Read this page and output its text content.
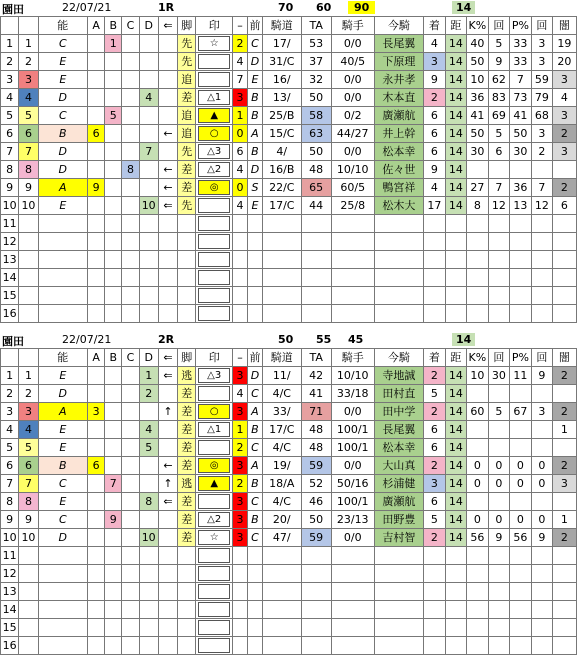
園田	22/07/21	1R	70 60	90	14
		能	A	B	C	D	⇐	脚	印	–	前	騎道	TA	騎手	今騎	着	距	K%	回	P%	回	闇
1	1	C		1				先	☆	2	C	17/	53	0/0	長尾翼	4	14	40	5	33	3	19
2	2	E						先		4	D	31/C	37	40/5	下原理	3	14	50	9	33	3	20
3	3	E						追		7	E	16/	32	0/0	永井孝	9	14	10	62	7	59	3
4	4	D				4		差	△1	3	B	13/	50	0/0	木本直	2	14	36	83	73	79	4
5	5	C		5				追	▲	1	B	25/B	58	0/2	廣瀬航	6	14	41	69	41	68	3
6	6	B	6				←	追	○	0	A	15/C	63	44/27	井上幹	6	14	50	5	50	3	2
7	7	D				7		先	△3	6	B	4/	50	0/0	松本幸	6	14	30	6	30	2	3
8	8	D			8		←	差	△2	4	D	16/B	48	10/10	佐々世	9	14					
9	9	A	9				←	差	◎	0	S	22/C	65	60/5	鴨宮祥	4	14	27	7	36	7	2
10	10	E				10	⇐	先		4	E	17/C	44	25/8	松木大	17	14	8	12	13	12	6
11									

12									

13									

14									

15									

16									

園田	22/07/21	2R	50 55 45	14
		能	A	B	C	D	⇐	脚	印	–	前	騎道	TA	騎手	今騎	着	距	K%	回	P%	回	闇
1	1	E				1	⇐	逃	△3	3	D	11/	42	10/10	寺地誠	2	14	10	30	11	9	2
2	2	D				2		差		4	C	4/C	41	33/18	田村直	5	14					
3	3	A	3				↑	差	○	3	A	33/	71	0/0	田中学	2	14	60	5	67	3	2
4	4	E				4		差	△1	1	B	17/C	48	100/1	長尾翼	6	14					1
5	5	E				5		差		2	C	4/C	48	100/1	松本幸	6	14					
6	6	B	6				←	差	◎	3	A	19/	59	0/0	大山真	2	14	0	0	0	0	2
7	7	C		7			↑	逃	▲	2	B	18/A	52	50/16	杉浦健	3	14	0	0	0	0	3
8	8	E				8	⇐	差		3	C	4/C	46	100/1	廣瀬航	6	14					
9	9	C		9				差	△2	3	B	20/	50	23/13	田野豊	5	14	0	0	0	0	1
10	10	D				10		差	☆	3	C	47/	59	0/0	吉村智	2	14	56	9	56	9	2
11									

12									

13									

14									

15									

16									
